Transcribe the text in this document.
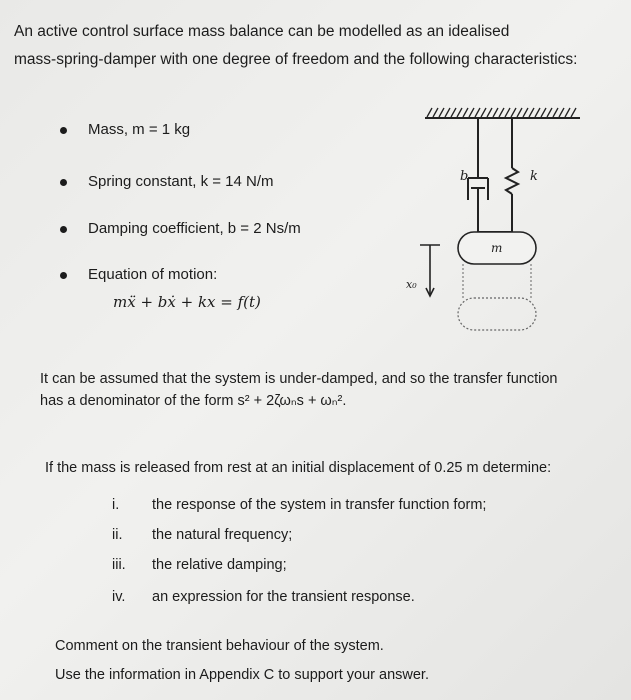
An active control surface mass balance can be modelled as an idealised
mass-spring-damper with one degree of freedom and the following characteristics:
Mass, m = 1 kg
Spring constant, k = 14 N/m
Damping coefficient, b = 2 Ns/m
Equation of motion:
mẍ + bẋ + kx = f(t)
b	k
m
x₀
It can be assumed that the system is under-damped, and so the transfer function
has a denominator of the form s² + 2ζωₙs + ωₙ².
If the mass is released from rest at an initial displacement of 0.25 m determine:
i. the response of the system in transfer function form;
ii. the natural frequency;
iii. the relative damping;
iv. an expression for the transient response.
Comment on the transient behaviour of the system.
Use the information in Appendix C to support your answer.
